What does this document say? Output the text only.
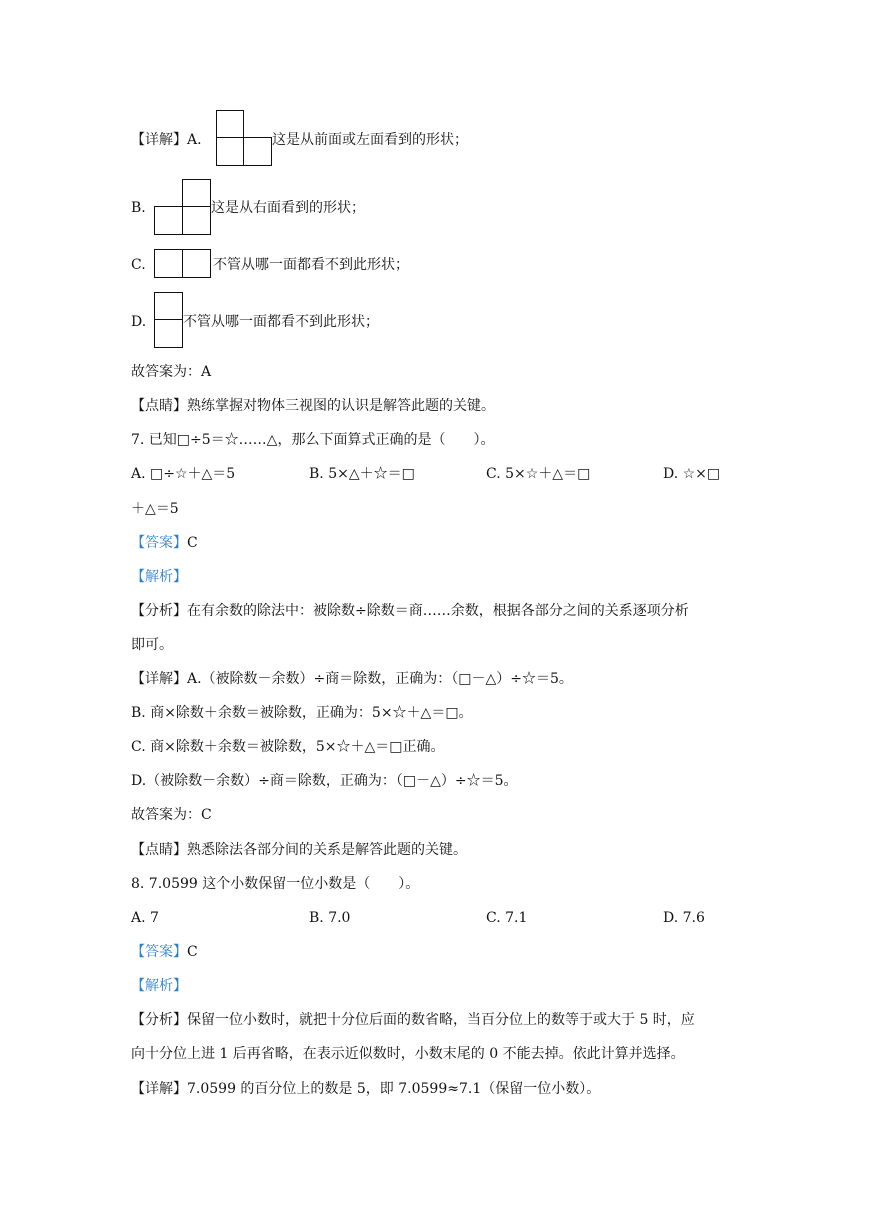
【详解】A.	这是从前面或左面看到的形状；
B.	这是从右面看到的形状；
C.	不管从哪一面都看不到此形状；
D.	不管从哪一面都看不到此形状；
故答案为：A
【点睛】熟练掌握对物体三视图的认识是解答此题的关键。
7. 已知□÷5＝☆……△，那么下面算式正确的是（　　）。
A. □÷☆＋△＝5	B. 5×△＋☆＝□	C. 5×☆＋△＝□	D. ☆×□
＋△＝5
【答案】C
【解析】
【分析】在有余数的除法中：被除数÷除数＝商……余数，根据各部分之间的关系逐项分析
即可。
【详解】A.（被除数－余数）÷商＝除数，正确为：（□－△）÷☆＝5。
B. 商×除数＋余数＝被除数，正确为：5×☆＋△＝□。
C. 商×除数＋余数＝被除数，5×☆＋△＝□正确。
D.（被除数－余数）÷商＝除数，正确为：（□－△）÷☆＝5。
故答案为：C
【点睛】熟悉除法各部分间的关系是解答此题的关键。
8. 7.0599 这个小数保留一位小数是（　　）。
A. 7	B. 7.0	C. 7.1	D. 7.6
【答案】C
【解析】
【分析】保留一位小数时，就把十分位后面的数省略，当百分位上的数等于或大于 5 时，应
向十分位上进 1 后再省略，在表示近似数时，小数末尾的 0 不能去掉。依此计算并选择。
【详解】7.0599 的百分位上的数是 5，即 7.0599≈7.1（保留一位小数）。
